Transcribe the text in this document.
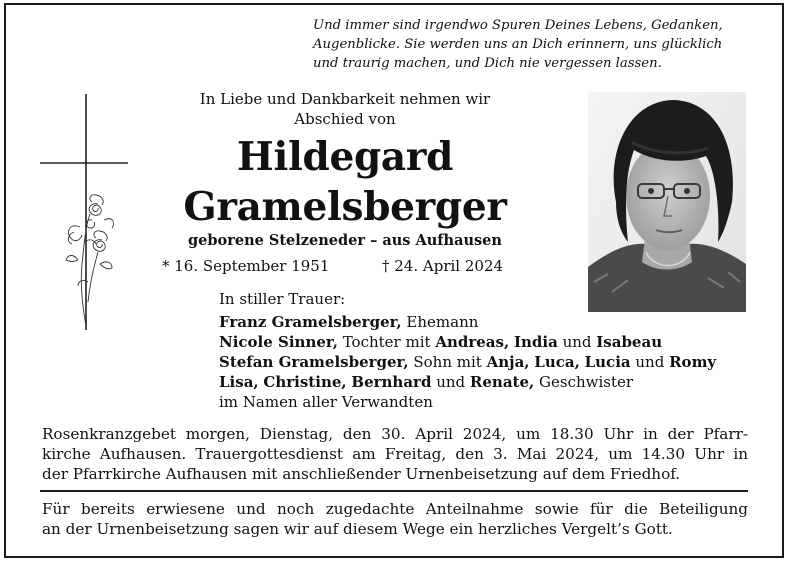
Und immer sind irgendwo Spuren Deines Lebens, Gedanken,
Augenblicke. Sie werden uns an Dich erinnern, uns glücklich
und traurig machen, und Dich nie vergessen lassen.
In Liebe und Dankbarkeit nehmen wir
Abschied von
Hildegard
Gramelsberger
geborene Stelzeneder – aus Aufhausen
* 16. September 1951	† 24. April 2024
In stiller Trauer:
Franz Gramelsberger, Ehemann
Nicole Sinner, Tochter mit Andreas, India und Isabeau
Stefan Gramelsberger, Sohn mit Anja, Luca, Lucia und Romy
Lisa, Christine, Bernhard und Renate, Geschwister
im Namen aller Verwandten
Rosenkranzgebet morgen, Dienstag, den 30. April 2024, um 18.30 Uhr in der Pfarr-
kirche Aufhausen. Trauergottesdienst am Freitag, den 3. Mai 2024, um 14.30 Uhr in
der Pfarrkirche Aufhausen mit anschließender Urnenbeisetzung auf dem Friedhof.
Für bereits erwiesene und noch zugedachte Anteilnahme sowie für die Beteiligung
an der Urnenbeisetzung sagen wir auf diesem Wege ein herzliches Vergelt’s Gott.
